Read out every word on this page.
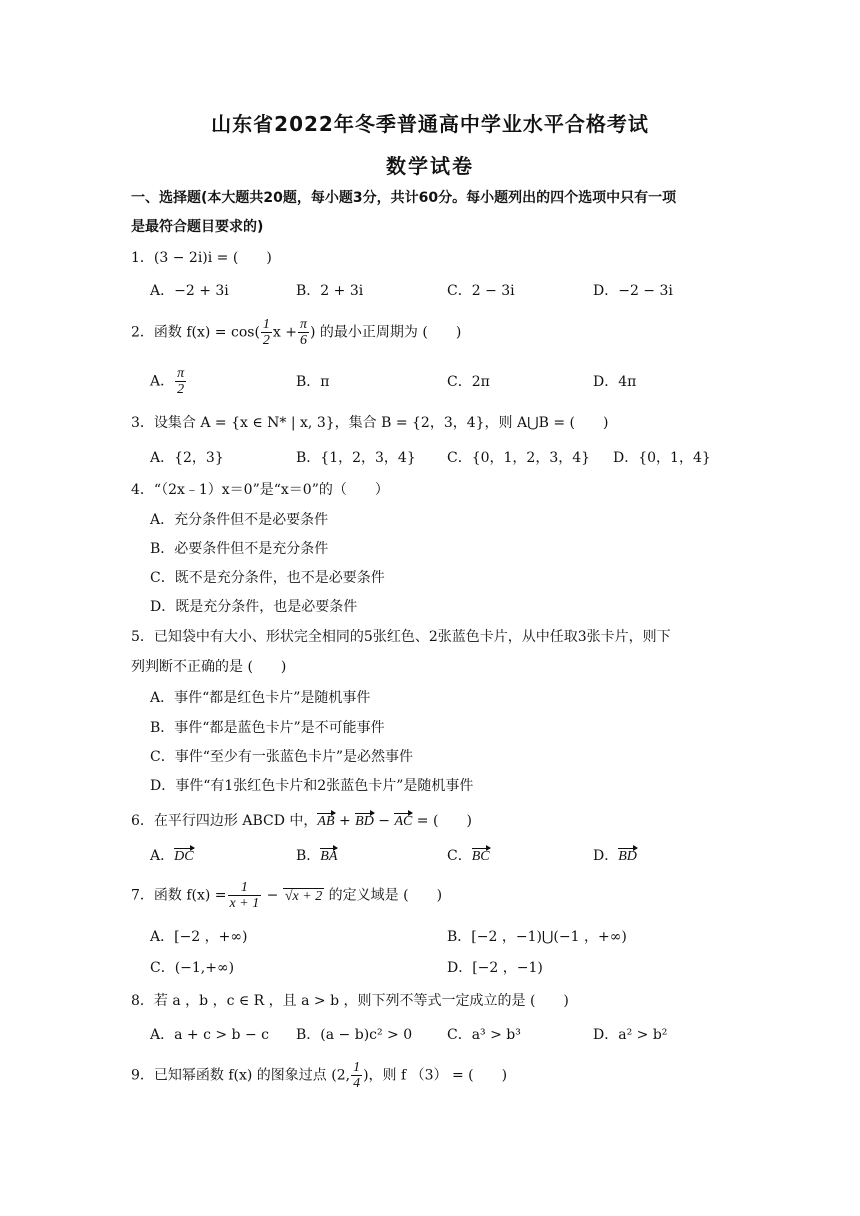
山东省2022年冬季普通高中学业水平合格考试
数学试卷
一、选择题(本大题共20题，每小题3分，共计60分。每小题列出的四个选项中只有一项
是最符合题目要求的)
1．(3 − 2i)i = (　　)
A．−2 + 3i	B．2 + 3i	C．2 − 3i	D．−2 − 3i
2．函数 $f(x) = \cos( \frac{1}{2}$ $x + \frac{\pi}{6}$ ) 的最小正周期为 (　　)
A． $\frac{\pi}{2}$	B．π	C．2π	D．4π
3．设集合 A = {x ∈ N* | x, 3}，集合 B = {2，3，4}，则 A⋃B = (　　)
A．{2，3}	B．{1，2，3，4} C．{0，1，2，3，4} D．{0，1，4}
4．“（2x﹣1）x＝0”是“x＝0”的（　　）
A．充分条件但不是必要条件
B．必要条件但不是充分条件
C．既不是充分条件，也不是必要条件
D．既是充分条件，也是必要条件
5．已知袋中有大小、形状完全相同的5张红色、2张蓝色卡片，从中任取3张卡片，则下
列判断不正确的是 (　　)
A．事件“都是红色卡片”是随机事件
B．事件“都是蓝色卡片”是不可能事件
C．事件“至少有一张蓝色卡片”是必然事件
D．事件“有1张红色卡片和2张蓝色卡片”是随机事件
6．在平行四边形 ABCD 中，AB + BD − AC = (　　)
A．DC	B．BA	C．BC	D．BD
7．函数 $f(x) = \frac{1}{x + 1} - √x + 2$ 的定义域是 (　　)
A．[−2 ，+∞)	B．[−2 ，−1)⋃(−1 ，+∞)
C．(−1,+∞)	D．[−2 ，−1)
8．若 a ，b ，c ∈ R ，且 a > b ，则下列不等式一定成立的是 (　　)
A．a + c > b − c B．(a − b)c² > 0 C．a³ > b³	D．a² > b²
9．已知幂函数 f(x) 的图象过点 (2, $\frac{1}{4}$ )，则 f （3） = (　　)
